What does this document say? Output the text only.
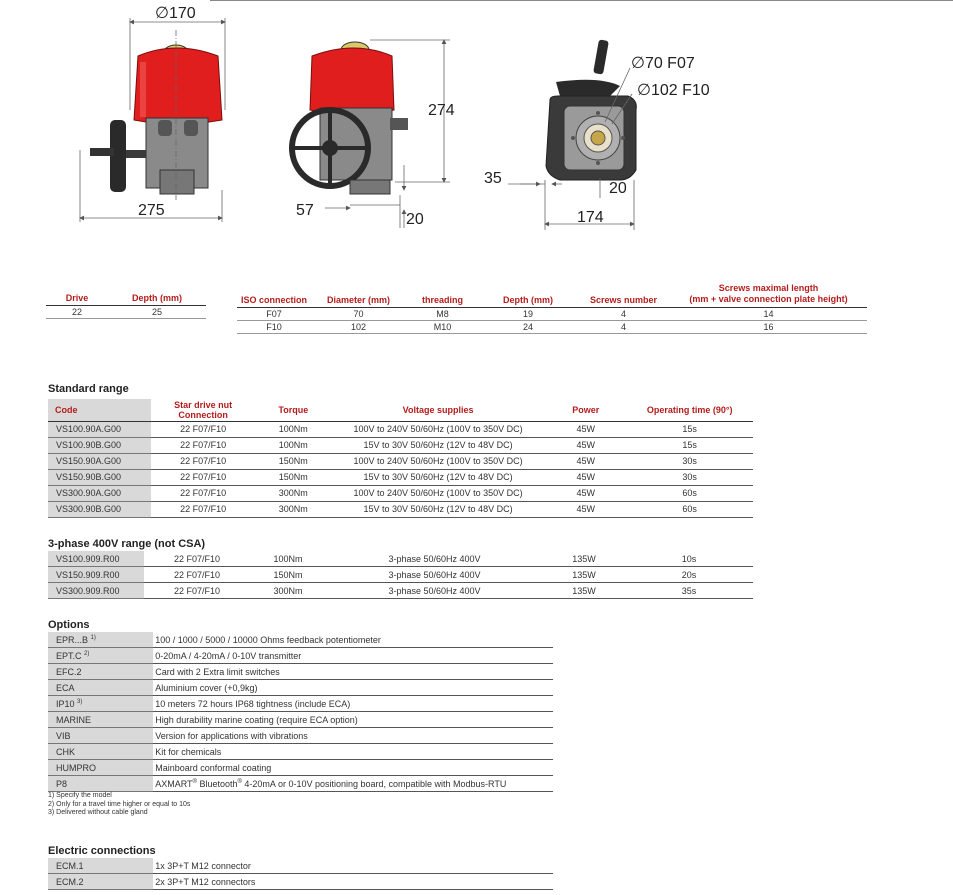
∅170
275
274
57
20
∅70 F07
∅102 F10
35
20
174
Drive	Depth (mm)
22	25
ISO connection	Diameter (mm)	threading	Depth (mm)	Screws number	Screws maximal length
(mm + valve connection plate height)
F07	70	M8	19	4	14
F10	102	M10	24	4	16
Standard range
Code	Star drive nut
Connection	Torque	Voltage supplies	Power	Operating time (90°)
VS100.90A.G00	22 F07/F10	100Nm	100V to 240V 50/60Hz (100V to 350V DC)	45W	15s
VS100.90B.G00	22 F07/F10	100Nm	15V to 30V 50/60Hz (12V to 48V DC)	45W	15s
VS150.90A.G00	22 F07/F10	150Nm	100V to 240V 50/60Hz (100V to 350V DC)	45W	30s
VS150.90B.G00	22 F07/F10	150Nm	15V to 30V 50/60Hz (12V to 48V DC)	45W	30s
VS300.90A.G00	22 F07/F10	300Nm	100V to 240V 50/60Hz (100V to 350V DC)	45W	60s
VS300.90B.G00	22 F07/F10	300Nm	15V to 30V 50/60Hz (12V to 48V DC)	45W	60s
3-phase 400V range (not CSA)

VS100.909.R00	22 F07/F10	100Nm	3-phase 50/60Hz 400V	135W	10s
VS150.909.R00	22 F07/F10	150Nm	3-phase 50/60Hz 400V	135W	20s
VS300.909.R00	22 F07/F10	300Nm	3-phase 50/60Hz 400V	135W	35s
Options
EPR...B $^{1)}$	100 / 1000 / 5000 / 10000 Ohms feedback potentiometer
EPT.C $^{2)}$	0-20mA / 4-20mA / 0-10V transmitter
EFC.2	Card with 2 Extra limit switches
ECA	Aluminium cover (+0,9kg)
IP10 $^{3)}$	10 meters 72 hours IP68 tightness (include ECA)
MARINE	High durability marine coating (require ECA option)
VIB	Version for applications with vibrations
CHK	Kit for chemicals
HUMPRO	Mainboard conformal coating
P8	AXMART® Bluetooth® 4-20mA or 0-10V positioning board, compatible with Modbus-RTU
1) Specify the model
2) Only for a travel time higher or equal to 10s
3) Delivered without cable gland
Electric connections
ECM.1	1x 3P+T M12 connector
ECM.2	2x 3P+T M12 connectors
